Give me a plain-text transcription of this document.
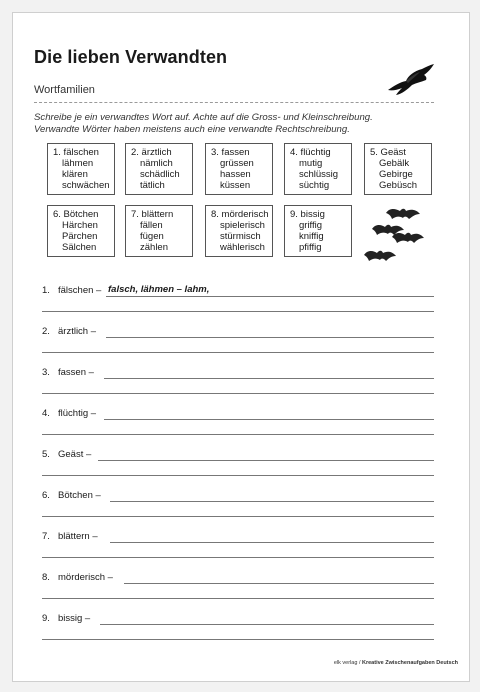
Die lieben Verwandten
Wortfamilien
Schreibe je ein verwandtes Wort auf. Achte auf die Gross- und Kleinschreibung.
Verwandte Wörter haben meistens auch eine verwandte Rechtschreibung.
1. fälschen
lähmen
klären
schwächen
2. ärztlich
nämlich
schädlich
tätlich
3. fassen
grüssen
hassen
küssen
4. flüchtig
mutig
schlüssig
süchtig
5. Geäst
Gebälk
Gebirge
Gebüsch
6. Bötchen
Härchen
Pärchen
Sälchen
7. blättern
fällen
fügen
zählen
8. mörderisch
spielerisch
stürmisch
wählerisch
9. bissig
griffig
kniffig
pfiffig
1. fälschen – falsch, lähmen – lahm,
2. ärztlich –
3. fassen –
4. flüchtig –
5. Geäst –
6. Bötchen –
7. blättern –
8. mörderisch –
9. bissig –
elk verlag / Kreative Zwischenaufgaben Deutsch
